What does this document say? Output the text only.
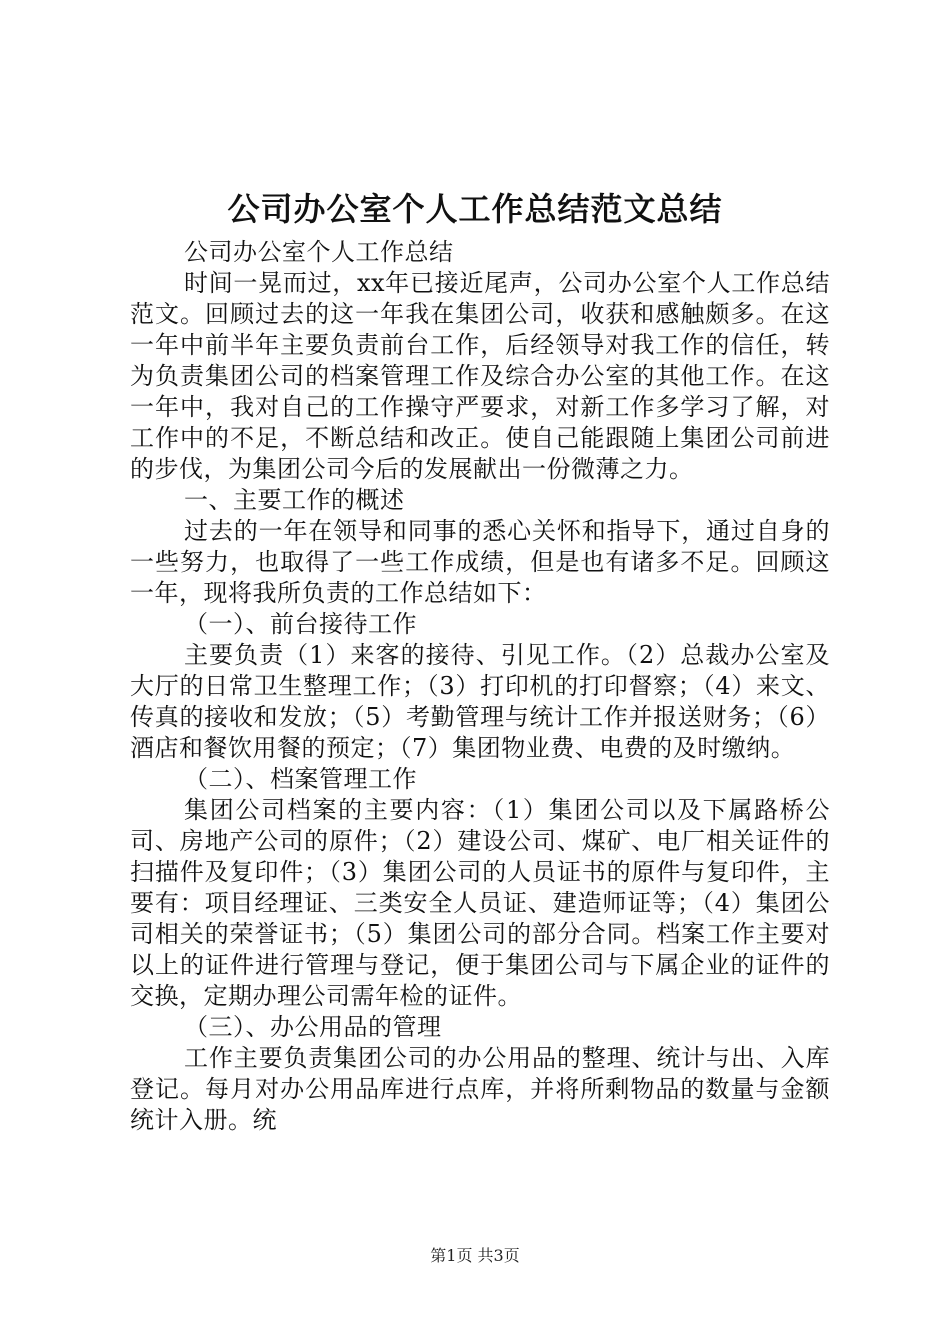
公司办公室个人工作总结范文总结

公司办公室个人工作总结

时间一晃而过，xx年已接近尾声，公司办公室个人工作总结范文。回顾过去的这一年我在集团公司，收获和感触颇多。在这一年中前半年主要负责前台工作，后经领导对我工作的信任，转为负责集团公司的档案管理工作及综合办公室的其他工作。在这一年中，我对自己的工作操守严要求，对新工作多学习了解，对工作中的不足，不断总结和改正。使自己能跟随上集团公司前进的步伐，为集团公司今后的发展献出一份微薄之力。

一、主要工作的概述

过去的一年在领导和同事的悉心关怀和指导下，通过自身的一些努力，也取得了一些工作成绩，但是也有诸多不足。回顾这一年，现将我所负责的工作总结如下：

（一）、前台接待工作

主要负责（1）来客的接待、引见工作。（2）总裁办公室及大厅的日常卫生整理工作；（3）打印机的打印督察；（4）来文、传真的接收和发放；（5）考勤管理与统计工作并报送财务；（6）酒店和餐饮用餐的预定；（7）集团物业费、电费的及时缴纳。

（二）、档案管理工作

集团公司档案的主要内容：（1）集团公司以及下属路桥公司、房地产公司的原件；（2）建设公司、煤矿、电厂相关证件的扫描件及复印件；（3）集团公司的人员证书的原件与复印件，主要有：项目经理证、三类安全人员证、建造师证等；（4）集团公司相关的荣誉证书；（5）集团公司的部分合同。档案工作主要对以上的证件进行管理与登记，便于集团公司与下属企业的证件的交换，定期办理公司需年检的证件。

（三）、办公用品的管理

工作主要负责集团公司的办公用品的整理、统计与出、入库登记。每月对办公用品库进行点库，并将所剩物品的数量与金额统计入册。统

第1页 共3页
